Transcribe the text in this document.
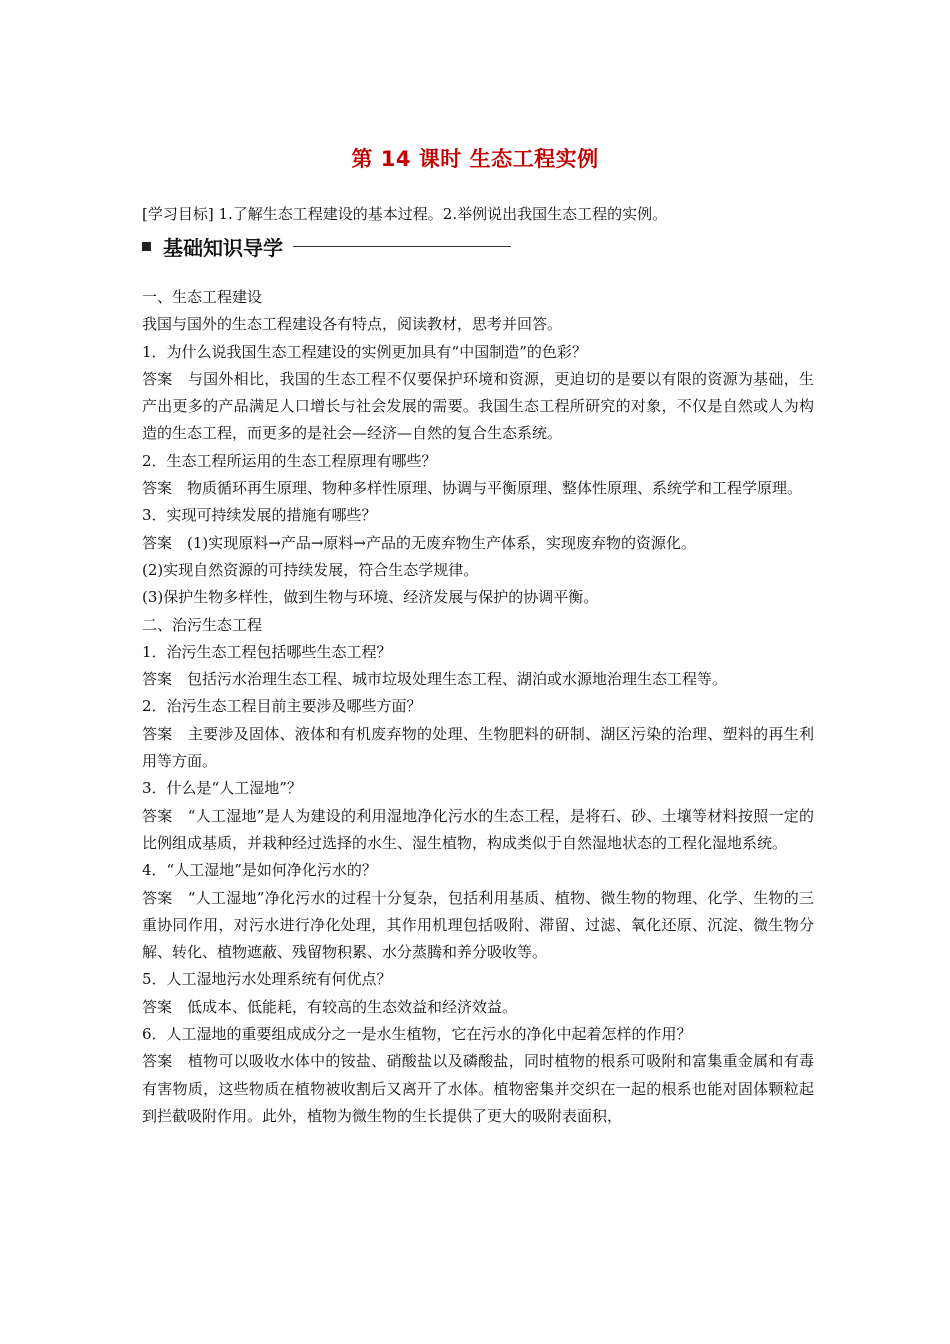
第 14 课时 生态工程实例
[学习目标] 1.了解生态工程建设的基本过程。2.举例说出我国生态工程的实例。
基础知识导学

一、生态工程建设

我国与国外的生态工程建设各有特点，阅读教材，思考并回答。

1．为什么说我国生态工程建设的实例更加具有“中国制造”的色彩？

答案　与国外相比，我国的生态工程不仅要保护环境和资源，更迫切的是要以有限的资源为基础，生产出更多的产品满足人口增长与社会发展的需要。我国生态工程所研究的对象，不仅是自然或人为构造的生态工程，而更多的是社会—经济—自然的复合生态系统。

2．生态工程所运用的生态工程原理有哪些？

答案　物质循环再生原理、物种多样性原理、协调与平衡原理、整体性原理、系统学和工程学原理。

3．实现可持续发展的措施有哪些？

答案　(1)实现原料→产品→原料→产品的无废弃物生产体系，实现废弃物的资源化。

(2)实现自然资源的可持续发展，符合生态学规律。

(3)保护生物多样性，做到生物与环境、经济发展与保护的协调平衡。

二、治污生态工程

1．治污生态工程包括哪些生态工程？

答案　包括污水治理生态工程、城市垃圾处理生态工程、湖泊或水源地治理生态工程等。

2．治污生态工程目前主要涉及哪些方面？

答案　主要涉及固体、液体和有机废弃物的处理、生物肥料的研制、湖区污染的治理、塑料的再生利用等方面。

3．什么是“人工湿地”？

答案　“人工湿地”是人为建设的利用湿地净化污水的生态工程，是将石、砂、土壤等材料按照一定的比例组成基质，并栽种经过选择的水生、湿生植物，构成类似于自然湿地状态的工程化湿地系统。

4．“人工湿地”是如何净化污水的？

答案　“人工湿地”净化污水的过程十分复杂，包括利用基质、植物、微生物的物理、化学、生物的三重协同作用，对污水进行净化处理，其作用机理包括吸附、滞留、过滤、氧化还原、沉淀、微生物分解、转化、植物遮蔽、残留物积累、水分蒸腾和养分吸收等。

5．人工湿地污水处理系统有何优点？

答案　低成本、低能耗，有较高的生态效益和经济效益。

6．人工湿地的重要组成成分之一是水生植物，它在污水的净化中起着怎样的作用？

答案　植物可以吸收水体中的铵盐、硝酸盐以及磷酸盐，同时植物的根系可吸附和富集重金属和有毒有害物质，这些物质在植物被收割后又离开了水体。植物密集并交织在一起的根系也能对固体颗粒起到拦截吸附作用。此外，植物为微生物的生长提供了更大的吸附表面积，
